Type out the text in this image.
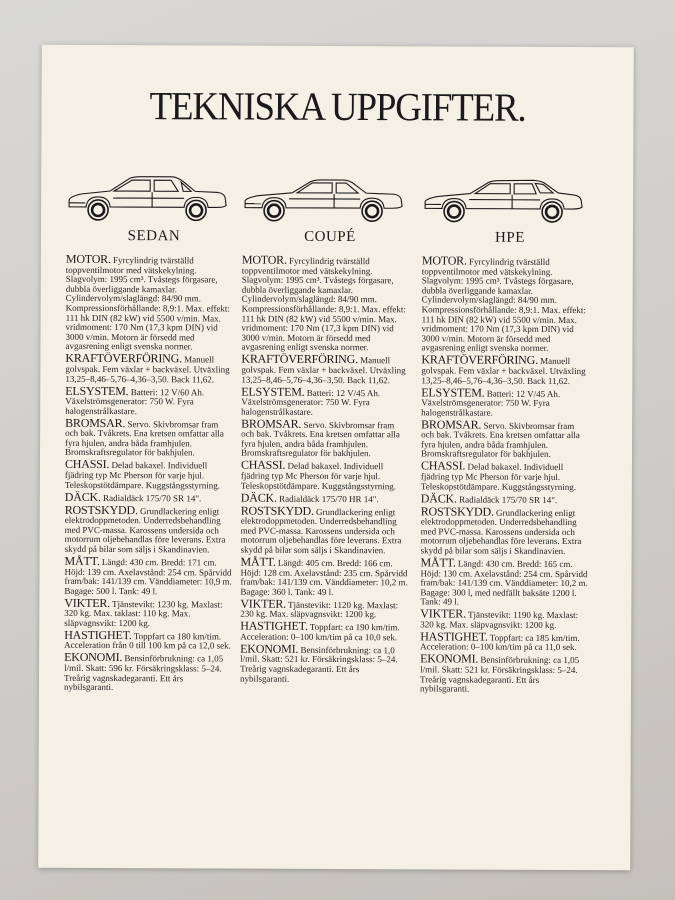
TEKNISKA UPPGIFTER.
SEDAN
MOTOR. Fyrcylindrig tvärställd toppventilmotor med vätskekylning. Slagvolym: 1995 cm³. Tvåstegs förgasare, dubbla överliggande kamaxlar. Cylindervolym/slaglängd: 84/90 mm. Kompressionsförhållande: 8,9:1. Max. effekt: 111 hk DIN (82 kW) vid 5500 v/min. Max. vridmoment: 170 Nm (17,3 kpm DIN) vid 3000 v/min. Motorn är försedd med avgasrening enligt svenska normer.
KRAFTÖVERFÖRING. Manuell golvspak. Fem växlar + backväxel. Utväxling 13,25–8,46–5,76–4,36–3,50. Back 11,62.
ELSYSTEM. Batteri: 12 V/60 Ah. Växelströmsgenerator: 750 W. Fyra halogenstrålkastare.
BROMSAR. Servo. Skivbromsar fram och bak. Tvåkrets. Ena kretsen omfattar alla fyra hjulen, andra båda framhjulen. Bromskraftsregulator för bakhjulen.
CHASSI. Delad bakaxel. Individuell fjädring typ Mc Pherson för varje hjul. Teleskopstötdämpare. Kuggstångsstyrning.
DÄCK. Radialdäck 175/70 SR 14".
ROSTSKYDD. Grundlackering enligt elektrodoppmetoden. Underredsbehandling med PVC-massa. Karossens undersida och motorrum oljebehandlas före leverans. Extra skydd på bilar som säljs i Skandinavien.
MÅTT. Längd: 430 cm. Bredd: 171 cm. Höjd: 139 cm. Axelavstånd: 254 cm. Spårvidd fram/bak: 141/139 cm. Vänddiameter: 10,9 m. Bagage: 500 l. Tank: 49 l.
VIKTER. Tjänstevikt: 1230 kg. Maxlast: 320 kg. Max. taklast: 110 kg. Max. släpvagnsvikt: 1200 kg.
HASTIGHET. Toppfart ca 180 km/tim. Acceleration från 0 till 100 km på ca 12,0 sek.
EKONOMI. Bensinförbrukning: ca 1,05 l/mil. Skatt: 596 kr. Försäkringsklass: 5–24. Treårig vagnskadegaranti. Ett års nybilsgaranti.
COUPÉ
MOTOR. Fyrcylindrig tvärställd toppventilmotor med vätskekylning. Slagvolym: 1995 cm³. Tvåstegs förgasare, dubbla överliggande kamaxlar. Cylindervolym/slaglängd: 84/90 mm. Kompressionsförhållande: 8,9:1. Max. effekt: 111 hk DIN (82 kW) vid 5500 v/min. Max. vridmoment: 170 Nm (17,3 kpm DIN) vid 3000 v/min. Motorn är försedd med avgasrening enligt svenska normer.
KRAFTÖVERFÖRING. Manuell golvspak. Fem växlar + backväxel. Utväxling 13,25–8,46–5,76–4,36–3,50. Back 11,62.
ELSYSTEM. Batteri: 12 V/45 Ah. Växelströmsgenerator: 750 W. Fyra halogenstrålkastare.
BROMSAR. Servo. Skivbromsar fram och bak. Tvåkrets. Ena kretsen omfattar alla fyra hjulen, andra båda framhjulen. Bromskraftsregulator för bakhjulen.
CHASSI. Delad bakaxel. Individuell fjädring typ Mc Pherson för varje hjul. Teleskopstötdämpare. Kuggstångsstyrning.
DÄCK. Radialdäck 175/70 HR 14".
ROSTSKYDD. Grundlackering enligt elektrodoppmetoden. Underredsbehandling med PVC-massa. Karossens undersida och motorrum oljebehandlas före leverans. Extra skydd på bilar som säljs i Skandinavien.
MÅTT. Längd: 405 cm. Bredd: 166 cm. Höjd: 128 cm. Axelavstånd: 235 cm. Spårvidd fram/bak: 141/139 cm. Vänddiameter: 10,2 m. Bagage: 360 l. Tank: 49 l.
VIKTER. Tjänstevikt: 1120 kg. Maxlast: 230 kg. Max. släpvagnsvikt: 1200 kg.
HASTIGHET. Toppfart: ca 190 km/tim. Acceleration: 0–100 km/tim på ca 10,0 sek.
EKONOMI. Bensinförbrukning: ca 1,0 l/mil. Skatt: 521 kr. Försäkringsklass: 5–24. Treårig vagnskadegaranti. Ett års nybilsgaranti.
HPE
MOTOR. Fyrcylindrig tvärställd toppventilmotor med vätskekylning. Slagvolym: 1995 cm³. Tvåstegs förgasare, dubbla överliggande kamaxlar. Cylindervolym/slaglängd: 84/90 mm. Kompressionsförhållande: 8,9:1. Max. effekt: 111 hk DIN (82 kW) vid 5500 v/min. Max. vridmoment: 170 Nm (17,3 kpm DIN) vid 3000 v/min. Motorn är försedd med avgasrening enligt svenska normer.
KRAFTÖVERFÖRING. Manuell golvspak. Fem växlar + backväxel. Utväxling 13,25–8,46–5,76–4,36–3,50. Back 11,62.
ELSYSTEM. Batteri: 12 V/45 Ah. Växelströmsgenerator: 750 W. Fyra halogenstrålkastare.
BROMSAR. Servo. Skivbromsar fram och bak. Tvåkrets. Ena kretsen omfattar alla fyra hjulen, andra båda framhjulen. Bromskraftsregulator för bakhjulen.
CHASSI. Delad bakaxel. Individuell fjädring typ Mc Pherson för varje hjul. Teleskopstötdämpare. Kuggstångsstyrning.
DÄCK. Radialdäck 175/70 SR 14".
ROSTSKYDD. Grundlackering enligt elektrodoppmetoden. Underredsbehandling med PVC-massa. Karossens undersida och motorrum oljebehandlas före leverans. Extra skydd på bilar som säljs i Skandinavien.
MÅTT. Längd: 430 cm. Bredd: 165 cm. Höjd: 130 cm. Axelavstånd: 254 cm. Spårvidd fram/bak: 141/139 cm. Vänddiameter: 10,2 m. Bagage: 300 l, med nedfällt baksäte 1200 l. Tank: 49 l.
VIKTER. Tjänstevikt: 1190 kg. Maxlast: 320 kg. Max. släpvagnsvikt: 1200 kg.
HASTIGHET. Toppfart: ca 185 km/tim. Acceleration: 0–100 km/tim på ca 11,0 sek.
EKONOMI. Bensinförbrukning: ca 1,05 l/mil. Skatt: 521 kr. Försäkringsklass: 5–24. Treårig vagnskadegaranti. Ett års nybilsgaranti.
